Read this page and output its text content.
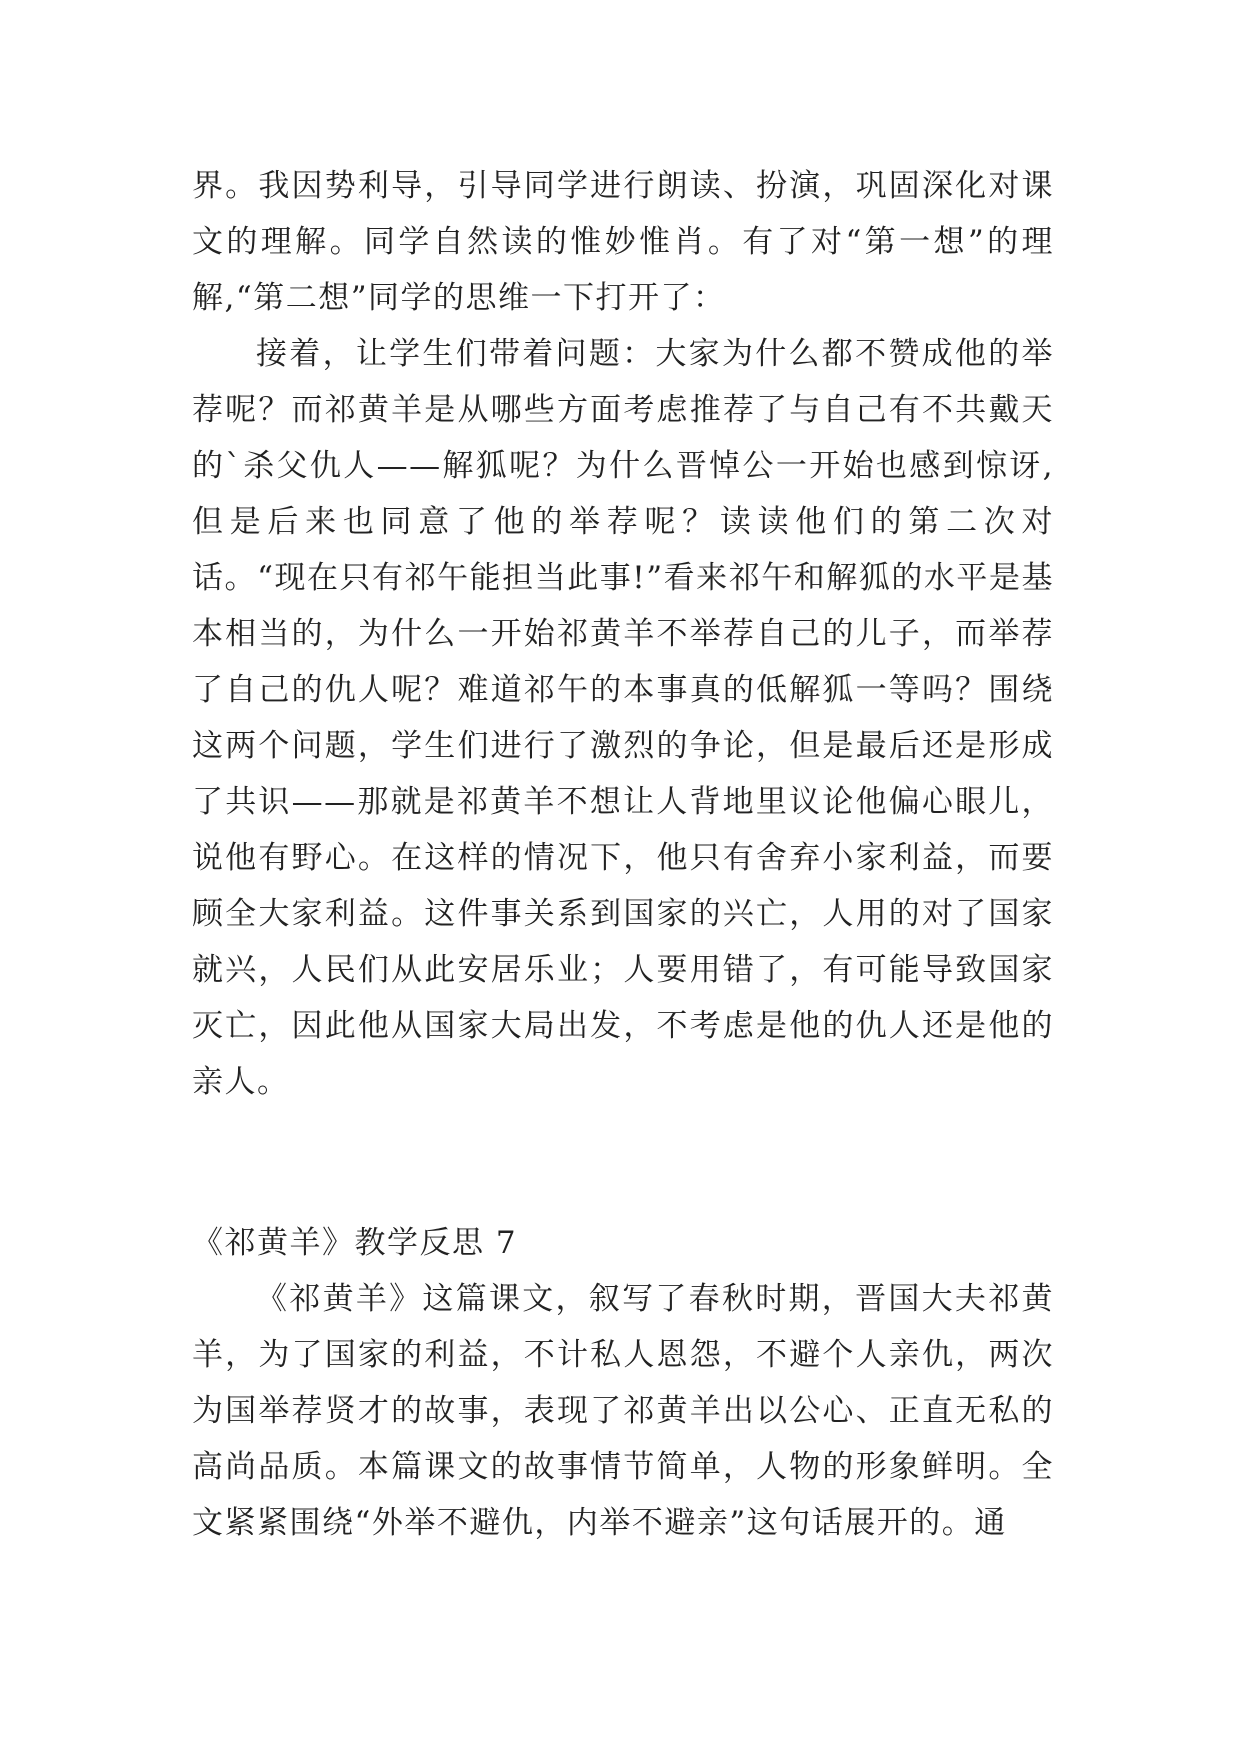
界。我因势利导，引导同学进行朗读、扮演，巩固深化对课文的理解。同学自然读的惟妙惟肖。有了对“第一想”的理解,“第二想”同学的思维一下打开了：

接着，让学生们带着问题：大家为什么都不赞成他的举荐呢？而祁黄羊是从哪些方面考虑推荐了与自己有不共戴天的`杀父仇人——解狐呢？为什么晋悼公一开始也感到惊讶,但是后来也同意了他的举荐呢？读读他们的第二次对话。“现在只有祁午能担当此事!”看来祁午和解狐的水平是基本相当的，为什么一开始祁黄羊不举荐自己的儿子，而举荐了自己的仇人呢？难道祁午的本事真的低解狐一等吗？围绕这两个问题，学生们进行了激烈的争论，但是最后还是形成了共识——那就是祁黄羊不想让人背地里议论他偏心眼儿，说他有野心。在这样的情况下，他只有舍弃小家利益，而要顾全大家利益。这件事关系到国家的兴亡，人用的对了国家就兴，人民们从此安居乐业；人要用错了，有可能导致国家灭亡，因此他从国家大局出发，不考虑是他的仇人还是他的亲人。

《祁黄羊》教学反思 7

《祁黄羊》这篇课文，叙写了春秋时期，晋国大夫祁黄羊，为了国家的利益，不计私人恩怨，不避个人亲仇，两次为国举荐贤才的故事，表现了祁黄羊出以公心、正直无私的高尚品质。本篇课文的故事情节简单，人物的形象鲜明。全文紧紧围绕“外举不避仇，内举不避亲”这句话展开的。通
